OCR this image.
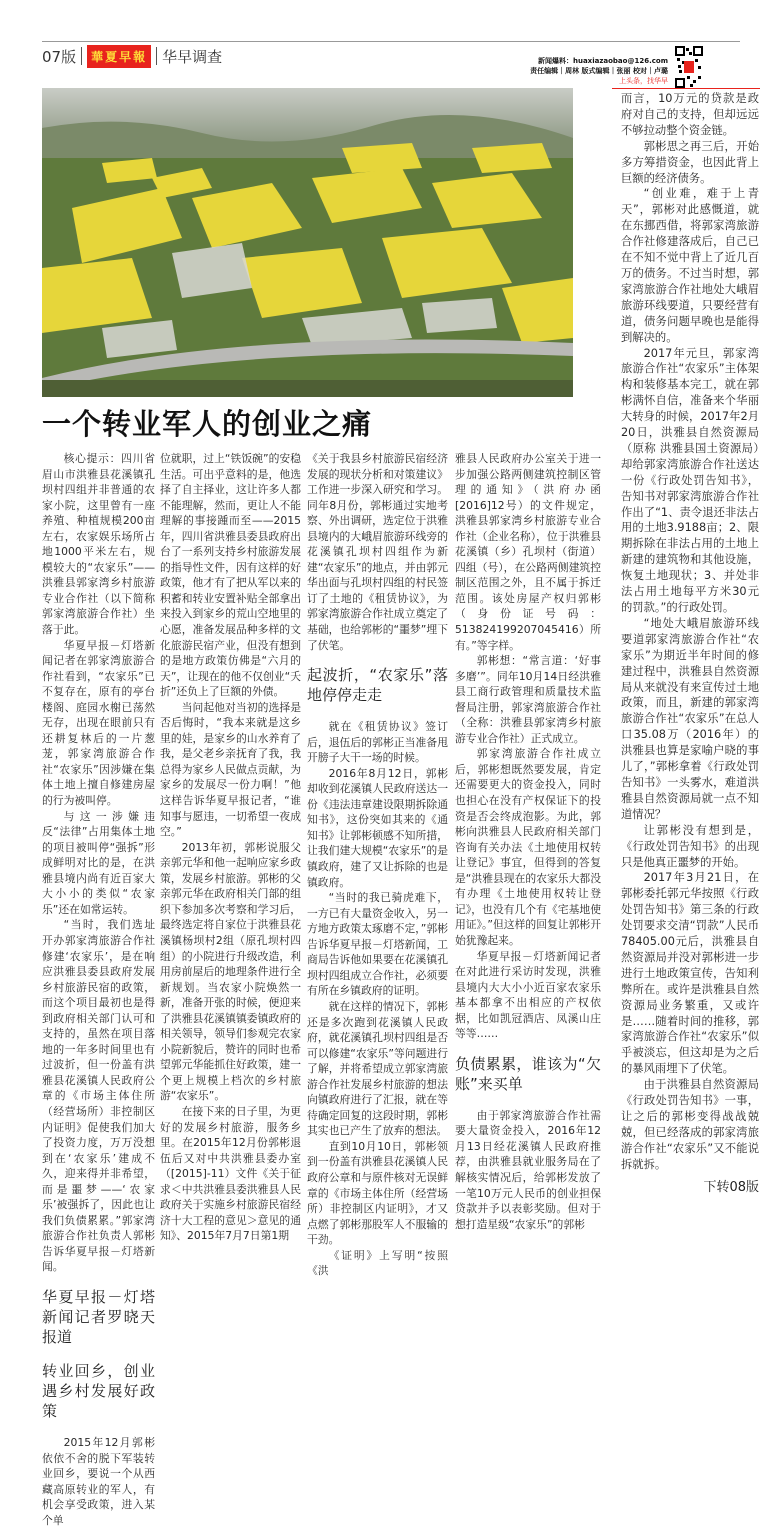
07版	華夏早報 华早调查	新闻爆料：huaxiazaobao@126.com
责任编辑｜周林 版式编辑｜张丽 校对｜卢璐
上头条，找华早
一个转业军人的创业之痛

核心提示：四川省眉山市洪雅县花溪镇孔坝村四组并非普通的农家小院，这里曾有一座养殖、种植规模200亩左右，农家娱乐场所占地1000平米左右，规模较大的“农家乐”——洪雅县郭家湾乡村旅游专业合作社（以下简称郭家湾旅游合作社）坐落于此。

华夏早报－灯塔新闻记者在郭家湾旅游合作社看到，“农家乐”已不复存在，原有的亭台楼阁、庭园水榭已荡然无存，出现在眼前只有还耕复林后的一片葱茏，郭家湾旅游合作社“农家乐”因涉嫌在集体土地上擅自修建房屋的行为被叫停。

与这一涉嫌违反“法律”占用集体土地的项目被叫停“强拆”形成鲜明对比的是，在洪雅县境内尚有近百家大大小小的类似“农家乐”还在如常运转。

“当时，我们选址开办郭家湾旅游合作社修建‘农家乐’，是在响应洪雅县委县政府发展乡村旅游民宿的政策，而这个项目最初也是得到政府相关部门认可和支持的，虽然在项目落地的一年多时间里也有过波折，但一份盖有洪雅县花溪镇人民政府公章的《市场主体住所（经营场所）非控制区内证明》促使我们加大了投资力度，万万没想到在‘农家乐’建成不久，迎来得并非希望，而是噩梦——‘农家乐’被强拆了，因此也让我们负债累累。”郭家湾旅游合作社负责人郭彬告诉华夏早报－灯塔新闻。

华夏早报－灯塔新闻记者罗晓天 报道

转业回乡，创业遇乡村发展好政策

2015年12月郭彬依依不舍的脱下军装转业回乡，要说一个从西藏高原转业的军人，有机会享受政策，进入某个单

位就职，过上“铁饭碗”的安稳生活。可出乎意料的是，他选择了自主择业，这让许多人都不能理解，然而，更让人不能理解的事接踵而至——2015年，四川省洪雅县委县政府出台了一系列支持乡村旅游发展的指导性文件，因有这样的好政策，他才有了把从军以来的积蓄和转业安置补贴全部拿出来投入到家乡的荒山空地里的心愿，准备发展品种多样的文化旅游民宿产业，但没有想到的是地方政策仿佛是“六月的天”，让现在的他不仅创业“夭折”还负上了巨额的外债。

当问起他对当初的选择是否后悔时，“我本来就是这乡里的娃，是家乡的山水养育了我，是父老乡亲抚育了我，我总得为家乡人民做点贡献，为家乡的发展尽一份力啊！”他这样告诉华夏早报记者，“谁知事与愿违，一切希望一夜成空。”

2013年初，郭彬说服父亲郭元华和他一起响应家乡政策，发展乡村旅游。郭彬的父亲郭元华在政府相关门部的组织下参加多次考察和学习后，最终选定将自家位于洪雅县花溪镇杨坝村2组（原孔坝村四组）的小院进行升级改造，利用房前屋后的地理条件进行全新规划。当农家小院焕然一新，准备开张的时候，便迎来了洪雅县花溪镇镇委镇政府的相关领导，领导们参观完农家小院新貌后，赞许的同时也希望郭元华能抓住好政策，建一个更上规模上档次的乡村旅游“农家乐”。

在接下来的日子里，为更好的发展乡村旅游，服务乡里。在2015年12月份郭彬退伍后又对中共洪雅县委办室（[2015]-11）文件《关于征求＜中共洪雅县委洪雅县人民政府关于实施乡村旅游民宿经济十大工程的意见＞意见的通知》、2015年7月7日第1期

《关于我县乡村旅游民宿经济发展的现状分析和对策建议》工作进一步深入研究和学习。同年8月份，郭彬通过实地考察、外出调研，选定位于洪雅县境内的大峨眉旅游环线旁的花溪镇孔坝村四组作为新建“农家乐”的地点，并由郭元华出面与孔坝村四组的村民签订了土地的《租赁协议》，为郭家湾旅游合作社成立奠定了基础，也给郭彬的“噩梦”埋下了伏笔。

起波折，“农家乐”落地停停走走

就在《租赁协议》签订后，退伍后的郭彬正当准备甩开膀子大干一场的时候。

2016年8月12日，郭彬却收到花溪镇人民政府送达一份《违法违章建设限期拆除通知书》，这份突如其来的《通知书》让郭彬顿感不知所措，让我们建大规模“农家乐”的是镇政府，建了又让拆除的也是镇政府。

“当时的我已骑虎难下，一方已有大量资金收入，另一方地方政策太琢磨不定，”郭彬告诉华夏早报－灯塔新闻，工商局告诉他如果要在花溪镇孔坝村四组成立合作社，必须要有所在乡镇政府的证明。

就在这样的情况下，郭彬还是多次跑到花溪镇人民政府，就花溪镇孔坝村四组是否可以修建“农家乐”等问题进行了解，并将希望成立郭家湾旅游合作社发展乡村旅游的想法向镇政府进行了汇报，就在等待确定回复的这段时期，郭彬其实也已产生了放弃的想法。

直到10月10日，郭彬领到一份盖有洪雅县花溪镇人民政府公章和与原件核对无误鲜章的《市场主体住所（经营场所）非控制区内证明》，才又点燃了郭彬那股军人不服输的干劲。

《证明》上写明“按照《洪

雅县人民政府办公室关于进一步加强公路两侧建筑控制区管理的通知》（洪府办函[2016]12号）的文件规定，洪雅县郭家湾乡村旅游专业合作社（企业名称），位于洪雅县花溪镇（乡）孔坝村（街道）四组（号），在公路两侧建筑控制区范围之外，且不属于拆迁范围。该处房屋产权归郭彬（身份证号码：513824199207045416）所有。”等字样。

郭彬想：“常言道：‘好事多磨’”。同年10月14日经洪雅县工商行政管理和质量技术监督局注册，郭家湾旅游合作社（全称：洪雅县郭家湾乡村旅游专业合作社）正式成立。

郭家湾旅游合作社成立后，郭彬想既然要发展，肯定还需要更大的资金投入，同时也担心在没有产权保证下的投资是否会终成泡影。为此，郭彬向洪雅县人民政府相关部门咨询有关办法《土地使用权转让登记》事宜，但得到的答复是“洪雅县现在的农家乐大都没有办理《土地使用权转让登记》，也没有几个有《宅基地使用证》。”但这样的回复让郭彬开始犹豫起来。

华夏早报－灯塔新闻记者在对此进行采访时发现，洪雅县境内大大小小近百家农家乐基本都拿不出相应的产权依据，比如凯冠酒店、凤溪山庄等等……

负债累累，谁该为“欠账”来买单

由于郭家湾旅游合作社需要大量资金投入，2016年12月13日经花溪镇人民政府推荐，由洪雅县就业服务局在了解核实情况后，给郭彬发放了一笔10万元人民币的创业担保贷款并予以表彰奖励。但对于想打造星级“农家乐”的郭彬

而言，10万元的贷款是政府对自己的支持，但却远远不够拉动整个资金链。

郭彬思之再三后，开始多方筹措资金，也因此背上巨额的经济债务。

“创业难，难于上青天”，郭彬对此感慨道，就在东挪西借，将郭家湾旅游合作社修建落成后，自己已在不知不觉中背上了近几百万的债务。不过当时想，郭家湾旅游合作社地处大峨眉旅游环线要道，只要经营有道，债务问题早晚也是能得到解决的。

2017年元旦，郭家湾旅游合作社“农家乐”主体架构和装修基本完工，就在郭彬满怀自信，准备来个华丽大转身的时候，2017年2月20日，洪雅县自然资源局（原称 洪雅县国土资源局）却给郭家湾旅游合作社送达一份《行政处罚告知书》，告知书对郭家湾旅游合作社作出了“1、责令退还非法占用的土地3.9188亩；2、限期拆除在非法占用的土地上新建的建筑物和其他设施，恢复土地现状；3、并处非法占用土地每平方米30元的罚款。”的行政处罚。

“地处大峨眉旅游环线要道郭家湾旅游合作社“农家乐”为期近半年时间的修建过程中，洪雅县自然资源局从来就没有来宣传过土地政策，而且，新建的郭家湾旅游合作社“农家乐”在总人口35.08万（2016年）的洪雅县也算是家喻户晓的事儿了，”郭彬拿着《行政处罚告知书》一头雾水，难道洪雅县自然资源局就一点不知道情况？

让郭彬没有想到是，《行政处罚告知书》的出现只是他真正噩梦的开始。

2017年3月21日，在郭彬委托郭元华按照《行政处罚告知书》第三条的行政处罚要求交清“罚款”人民币78405.00元后，洪雅县自然资源局并没对郭彬进一步进行土地政策宣传，告知利弊所在。或许是洪雅县自然资源局业务繁重，又或许是……随着时间的推移，郭家湾旅游合作社“农家乐”似乎被淡忘，但这却是为之后的暴风雨埋下了伏笔。

由于洪雅县自然资源局《行政处罚告知书》一事，让之后的郭彬变得战战兢兢，但已经落成的郭家湾旅游合作社“农家乐”又不能说拆就拆。

下转08版
